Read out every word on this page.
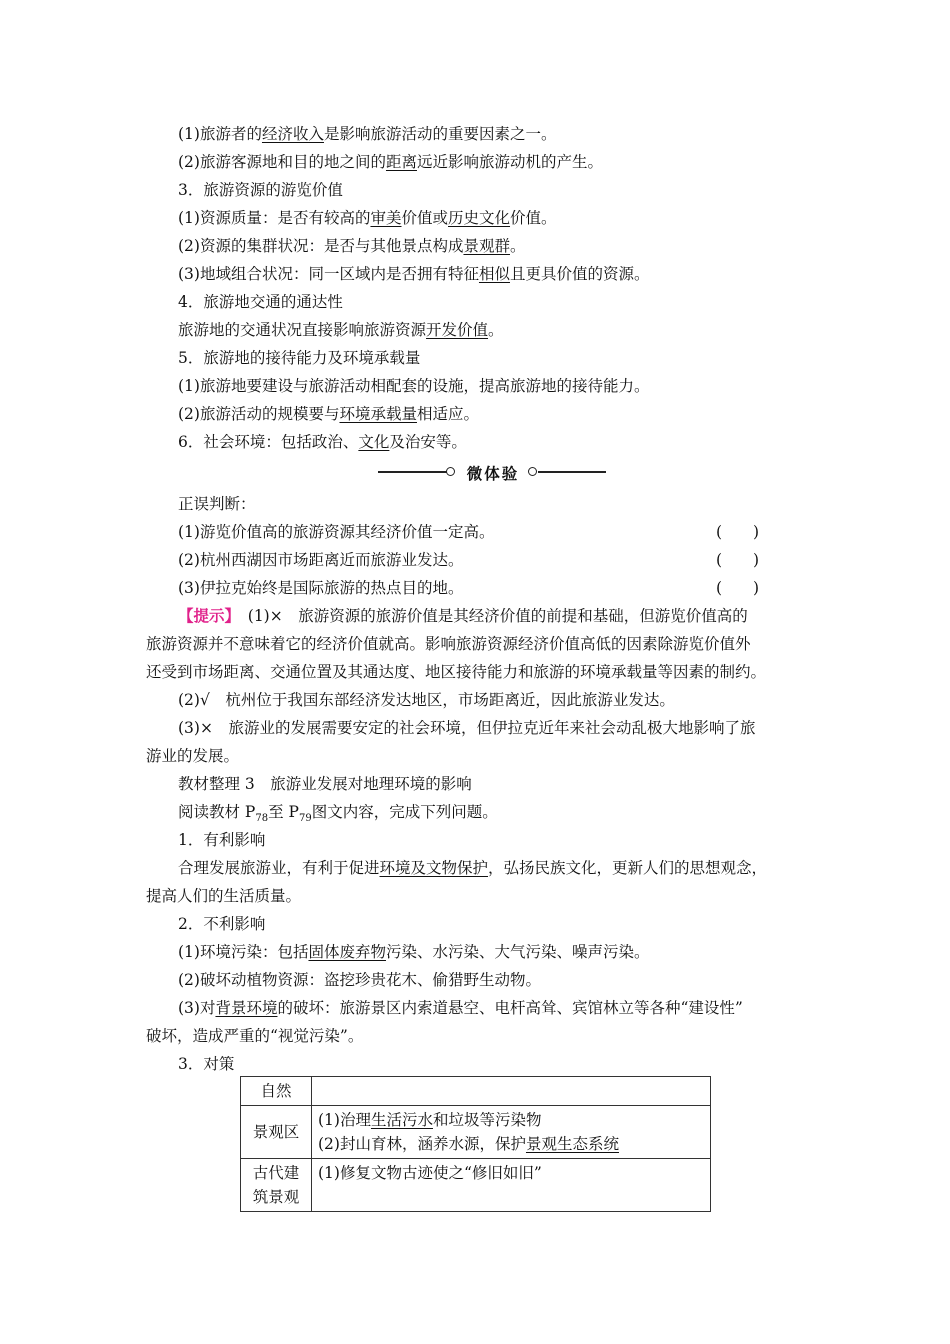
(1)旅游者的经济收入是影响旅游活动的重要因素之一。
(2)旅游客源地和目的地之间的距离远近影响旅游动机的产生。
3．旅游资源的游览价值
(1)资源质量：是否有较高的审美价值或历史文化价值。
(2)资源的集群状况：是否与其他景点构成景观群。
(3)地域组合状况：同一区域内是否拥有特征相似且更具价值的资源。
4．旅游地交通的通达性
旅游地的交通状况直接影响旅游资源开发价值。
5．旅游地的接待能力及环境承载量
(1)旅游地要建设与旅游活动相配套的设施，提高旅游地的接待能力。
(2)旅游活动的规模要与环境承载量相适应。
6．社会环境：包括政治、文化及治安等。
微体验
正误判断：
(1)游览价值高的旅游资源其经济价值一定高。	(　　)
(2)杭州西湖因市场距离近而旅游业发达。	(　　)
(3)伊拉克始终是国际旅游的热点目的地。	(　　)
【提示】　(1)×　旅游资源的旅游价值是其经济价值的前提和基础，但游览价值高的
旅游资源并不意味着它的经济价值就高。影响旅游资源经济价值高低的因素除游览价值外
还受到市场距离、交通位置及其通达度、地区接待能力和旅游的环境承载量等因素的制约。
(2)√　杭州位于我国东部经济发达地区，市场距离近，因此旅游业发达。
(3)×　旅游业的发展需要安定的社会环境，但伊拉克近年来社会动乱极大地影响了旅
游业的发展。
教材整理 3　旅游业发展对地理环境的影响
阅读教材 $P_{78}$至 $P_{79}$图文内容，完成下列问题。
1．有利影响
合理发展旅游业，有利于促进环境及文物保护，弘扬民族文化，更新人们的思想观念，
提高人们的生活质量。
2．不利影响
(1)环境污染：包括固体废弃物污染、水污染、大气污染、噪声污染。
(2)破坏动植物资源：盗挖珍贵花木、偷猎野生动物。
(3)对背景环境的破坏：旅游景区内索道悬空、电杆高耸、宾馆林立等各种“建设性”
破坏，造成严重的“视觉污染”。
3．对策
自然	
景观区	(1)治理生活污水和垃圾等污染物
(2)封山育林，涵养水源，保护景观生态系统

古代建
筑景观	(1)修复文物古迹使之“修旧如旧”
